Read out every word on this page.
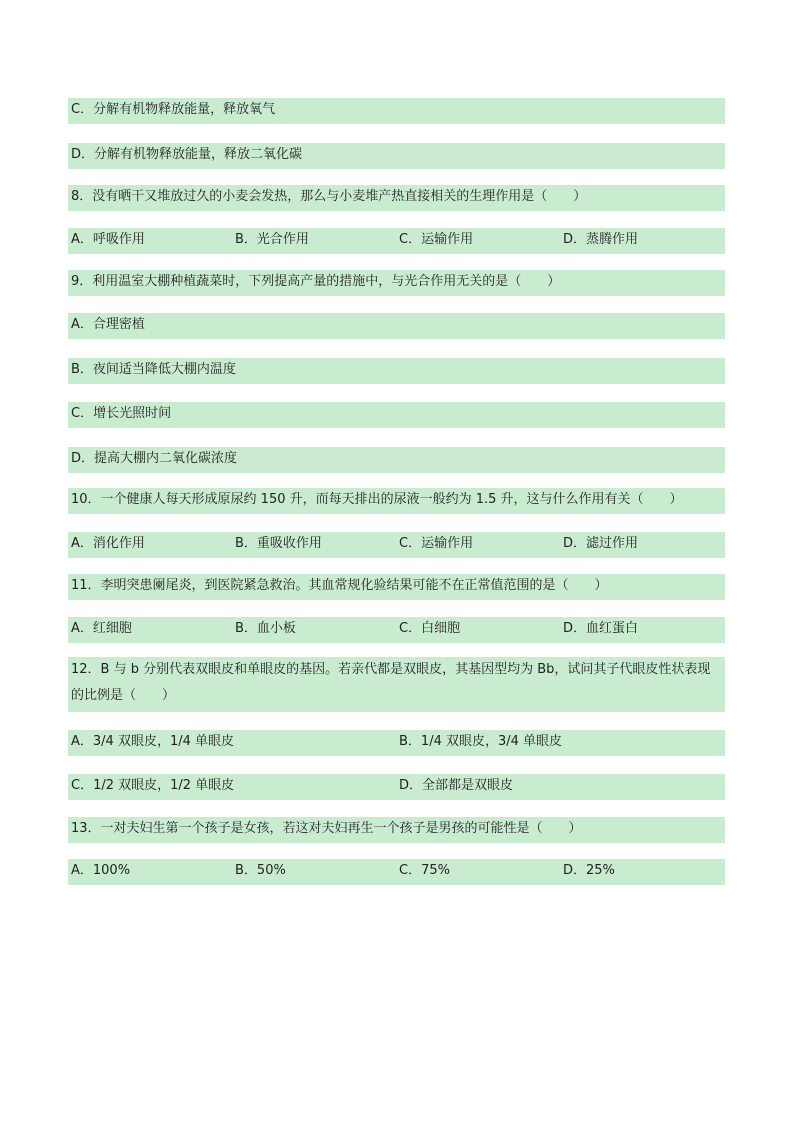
C．分解有机物释放能量，释放氧气
D．分解有机物释放能量，释放二氧化碳
8．没有晒干又堆放过久的小麦会发热，那么与小麦堆产热直接相关的生理作用是（　　）
A．呼吸作用	B．光合作用	C．运输作用	D．蒸腾作用
9．利用温室大棚种植蔬菜时，下列提高产量的措施中，与光合作用无关的是（　　）
A．合理密植
B．夜间适当降低大棚内温度
C．增长光照时间
D．提高大棚内二氧化碳浓度
10．一个健康人每天形成原尿约 150 升，而每天排出的尿液一般约为 1.5 升，这与什么作用有关（　　）
A．消化作用	B．重吸收作用	C．运输作用	D．滤过作用
11．李明突患阑尾炎，到医院紧急救治。其血常规化验结果可能不在正常值范围的是（　　）
A．红细胞	B．血小板	C．白细胞	D．血红蛋白
12．B 与 b 分别代表双眼皮和单眼皮的基因。若亲代都是双眼皮，其基因型均为 Bb，试问其子代眼皮性状表现的比例是（　　）
A．3/4 双眼皮，1/4 单眼皮	B．1/4 双眼皮，3/4 单眼皮
C．1/2 双眼皮，1/2 单眼皮	D．全部都是双眼皮
13．一对夫妇生第一个孩子是女孩，若这对夫妇再生一个孩子是男孩的可能性是（　　）
A．100%	B．50%	C．75%	D．25%
